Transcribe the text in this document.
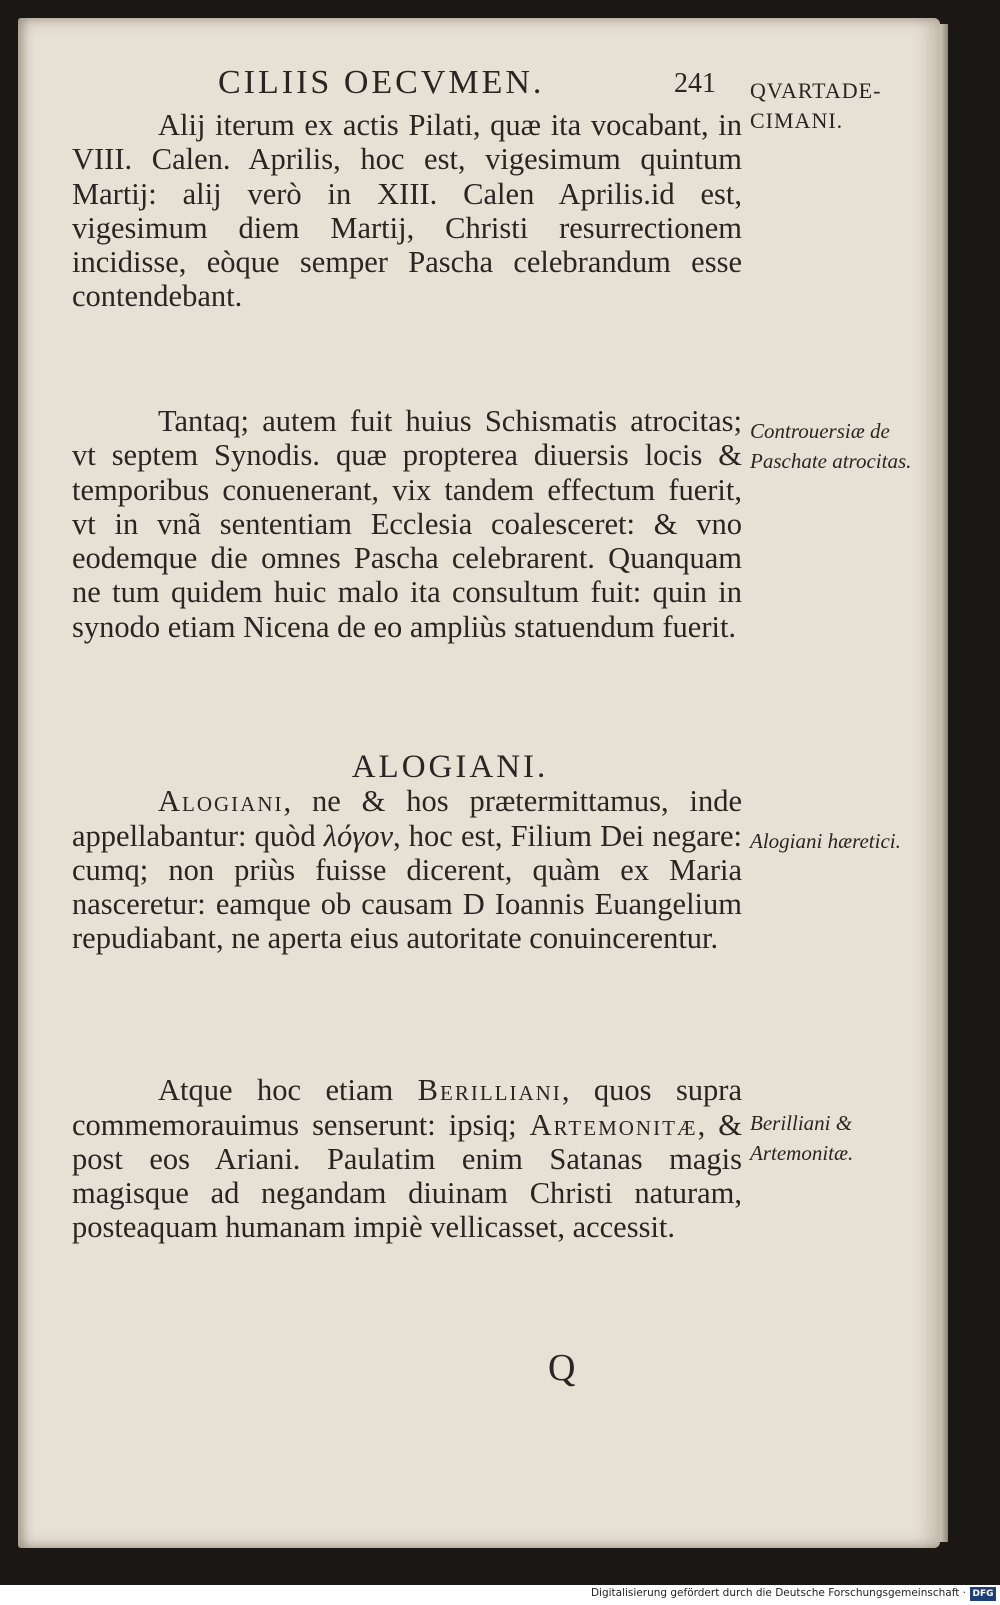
CILIIS OECVMEN.	241

Alij iterum ex actis Pilati, quæ ita vocabant, in VIII. Calen. Aprilis, hoc est, vigesimum quintum Martij: alij verò in XIII. Calen Aprilis.id est, vigesimum diem Martij, Christi resurrectionem incidisse, eòque semper Pascha celebrandum esse contendebant.

Tantaq; autem fuit huius Schismatis atrocitas; vt septem Synodis. quæ propterea diuersis locis & temporibus conuenerant, vix tandem effectum fuerit, vt in vnã sententiam Ecclesia coalesceret: & vno eodemque die omnes Pascha celebrarent. Quanquam ne tum quidem huic malo ita consultum fuit: quin in synodo etiam Nicena de eo ampliùs statuendum fuerit.

ALOGIANI.

Alogiani, ne & hos prætermittamus, inde appellabantur: quòd λόγον, hoc est, Filium Dei negare: cumq; non priùs fuisse dicerent, quàm ex Maria nasceretur: eamque ob causam D Ioannis Euangelium repudiabant, ne aperta eius autoritate conuincerentur.

Atque hoc etiam Berilliani, quos supra commemorauimus senserunt: ipsiq; Artemonitæ, & post eos Ariani. Paulatim enim Satanas magis magisque ad negandam diuinam Christi naturam, posteaquam humanam impiè vellicasset, accessit.

QVARTADE- CIMANI.
Controuersiæ de Paschate atrocitas.
Alogiani hæretici.
Berilliani & Artemonitæ.
Q
Digitalisierung gefördert durch die Deutsche Forschungsgemeinschaft · DFG
